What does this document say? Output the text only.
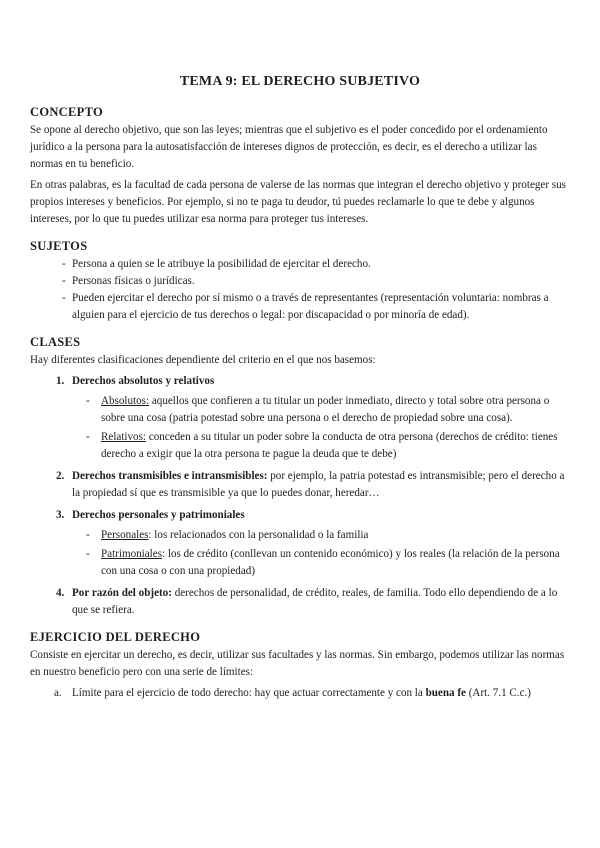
TEMA 9: EL DERECHO SUBJETIVO
CONCEPTO

Se opone al derecho objetivo, que son las leyes; mientras que el subjetivo es el poder concedido por el ordenamiento jurídico a la persona para la autosatisfacción de intereses dignos de protección, es decir, es el derecho a utilizar las normas en tu beneficio.

En otras palabras, es la facultad de cada persona de valerse de las normas que integran el derecho objetivo y proteger sus propios intereses y beneficios. Por ejemplo, si no te paga tu deudor, tú puedes reclamarle lo que te debe y algunos intereses, por lo que tu puedes utilizar esa norma para proteger tus intereses.

SUJETOS
- Persona a quien se le atribuye la posibilidad de ejercitar el derecho.
- Personas físicas o jurídicas.
- Pueden ejercitar el derecho por sí mismo o a través de representantes (representación voluntaria: nombras a alguien para el ejercicio de tus derechos o legal: por discapacidad o por minoría de edad).
CLASES

Hay diferentes clasificaciones dependiente del criterio en el que nos basemos:

1. Derechos absolutos y relativos
- Absolutos: aquellos que confieren a tu titular un poder inmediato, directo y total sobre otra persona o sobre una cosa (patria potestad sobre una persona o el derecho de propiedad sobre una cosa).
- Relativos: conceden a su titular un poder sobre la conducta de otra persona (derechos de crédito: tienes derecho a exigir que la otra persona te pague la deuda que te debe)
2. Derechos transmisibles e intransmisibles: por ejemplo, la patria potestad es intransmisible; pero el derecho a la propiedad sí que es transmisible ya que lo puedes donar, heredar…
3. Derechos personales y patrimoniales
- Personales: los relacionados con la personalidad o la familia
- Patrimoniales: los de crédito (conllevan un contenido económico) y los reales (la relación de la persona con una cosa o con una propiedad)
4. Por razón del objeto: derechos de personalidad, de crédito, reales, de familia. Todo ello dependiendo de a lo que se refiera.
EJERCICIO DEL DERECHO

Consiste en ejercitar un derecho, es decir, utilizar sus facultades y las normas. Sin embargo, podemos utilizar las normas en nuestro beneficio pero con una serie de límites:

a. Límite para el ejercicio de todo derecho: hay que actuar correctamente y con la buena fe (Art. 7.1 C.c.)
